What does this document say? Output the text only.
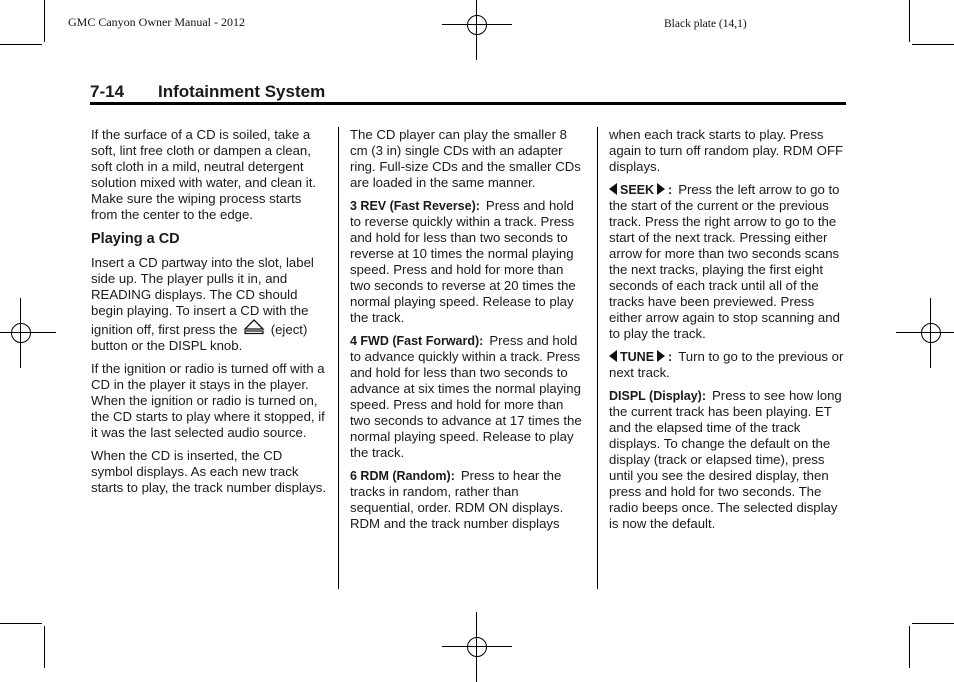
GMC Canyon Owner Manual - 2012	Black plate (14,1)
7-14 Infotainment System

If the surface of a CD is soiled, take a soft, lint free cloth or dampen a clean, soft cloth in a mild, neutral detergent solution mixed with water, and clean it. Make sure the wiping process starts from the center to the edge.

Playing a CD

Insert a CD partway into the slot, label side up. The player pulls it in, and READING displays. The CD should begin playing. To insert a CD with the ignition off, first press the	(eject) button or the DISPL knob.

If the ignition or radio is turned off with a CD in the player it stays in the player. When the ignition or radio is turned on, the CD starts to play where it stopped, if it was the last selected audio source.

When the CD is inserted, the CD symbol displays. As each new track starts to play, the track number displays.

The CD player can play the smaller 8 cm (3 in) single CDs with an adapter ring. Full-size CDs and the smaller CDs are loaded in the same manner.

3 REV (Fast Reverse): Press and hold to reverse quickly within a track. Press and hold for less than two seconds to reverse at 10 times the normal playing speed. Press and hold for more than two seconds to reverse at 20 times the normal playing speed. Release to play the track.

4 FWD (Fast Forward): Press and hold to advance quickly within a track. Press and hold for less than two seconds to advance at six times the normal playing speed. Press and hold for more than two seconds to advance at 17 times the normal playing speed. Release to play the track.

6 RDM (Random): Press to hear the tracks in random, rather than sequential, order. RDM ON displays. RDM and the track number displays

when each track starts to play. Press again to turn off random play. RDM OFF displays.

SEEK : Press the left arrow to go to the start of the current or the previous track. Press the right arrow to go to the start of the next track. Pressing either arrow for more than two seconds scans the next tracks, playing the first eight seconds of each track until all of the tracks have been previewed. Press either arrow again to stop scanning and to play the track.

TUNE : Turn to go to the previous or next track.

DISPL (Display): Press to see how long the current track has been playing. ET and the elapsed time of the track displays. To change the default on the display (track or elapsed time), press until you see the desired display, then press and hold for two seconds. The radio beeps once. The selected display is now the default.
